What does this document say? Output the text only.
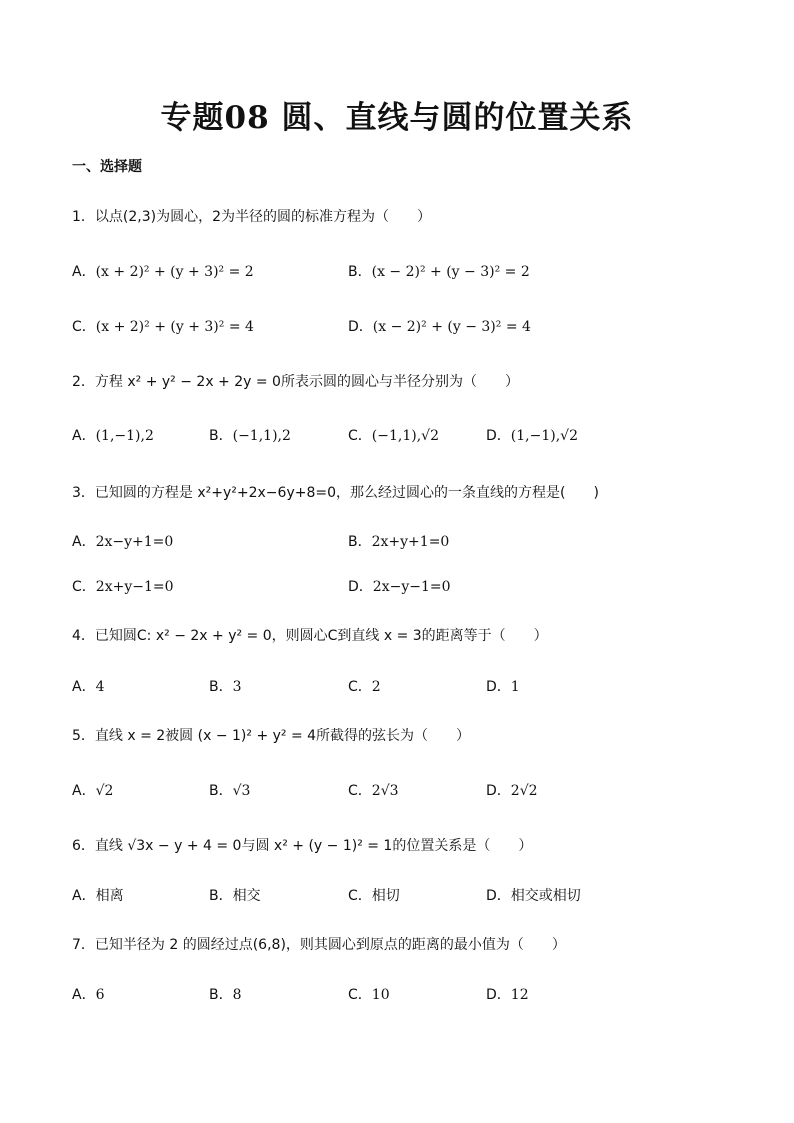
专题08 圆、直线与圆的位置关系
一、选择题
1．以点(2,3)为圆心，2为半径的圆的标准方程为（　　）
A．(x + 2)² + (y + 3)² = 2	B．(x − 2)² + (y − 3)² = 2
C．(x + 2)² + (y + 3)² = 4	D．(x − 2)² + (y − 3)² = 4
2．方程 x² + y² − 2x + 2y = 0所表示圆的圆心与半径分别为（　　）
A．(1,−1),2	B．(−1,1),2	C．(−1,1),√2	D．(1,−1),√2
3．已知圆的方程是 x²+y²+2x−6y+8=0，那么经过圆心的一条直线的方程是(　　)
A．2x−y+1=0	B．2x+y+1=0
C．2x+y−1=0	D．2x−y−1=0
4．已知圆C: x² − 2x + y² = 0，则圆心C到直线 x = 3的距离等于（　　）
A．4	B．3	C．2	D．1
5．直线 x = 2被圆 (x − 1)² + y² = 4所截得的弦长为（　　）
A．√2	B．√3	C．2√3	D．2√2
6．直线 √3x − y + 4 = 0与圆 x² + (y − 1)² = 1的位置关系是（　　）
A．相离	B．相交	C．相切	D．相交或相切
7．已知半径为 2 的圆经过点(6,8)，则其圆心到原点的距离的最小值为（　　）
A．6	B．8	C．10	D．12
